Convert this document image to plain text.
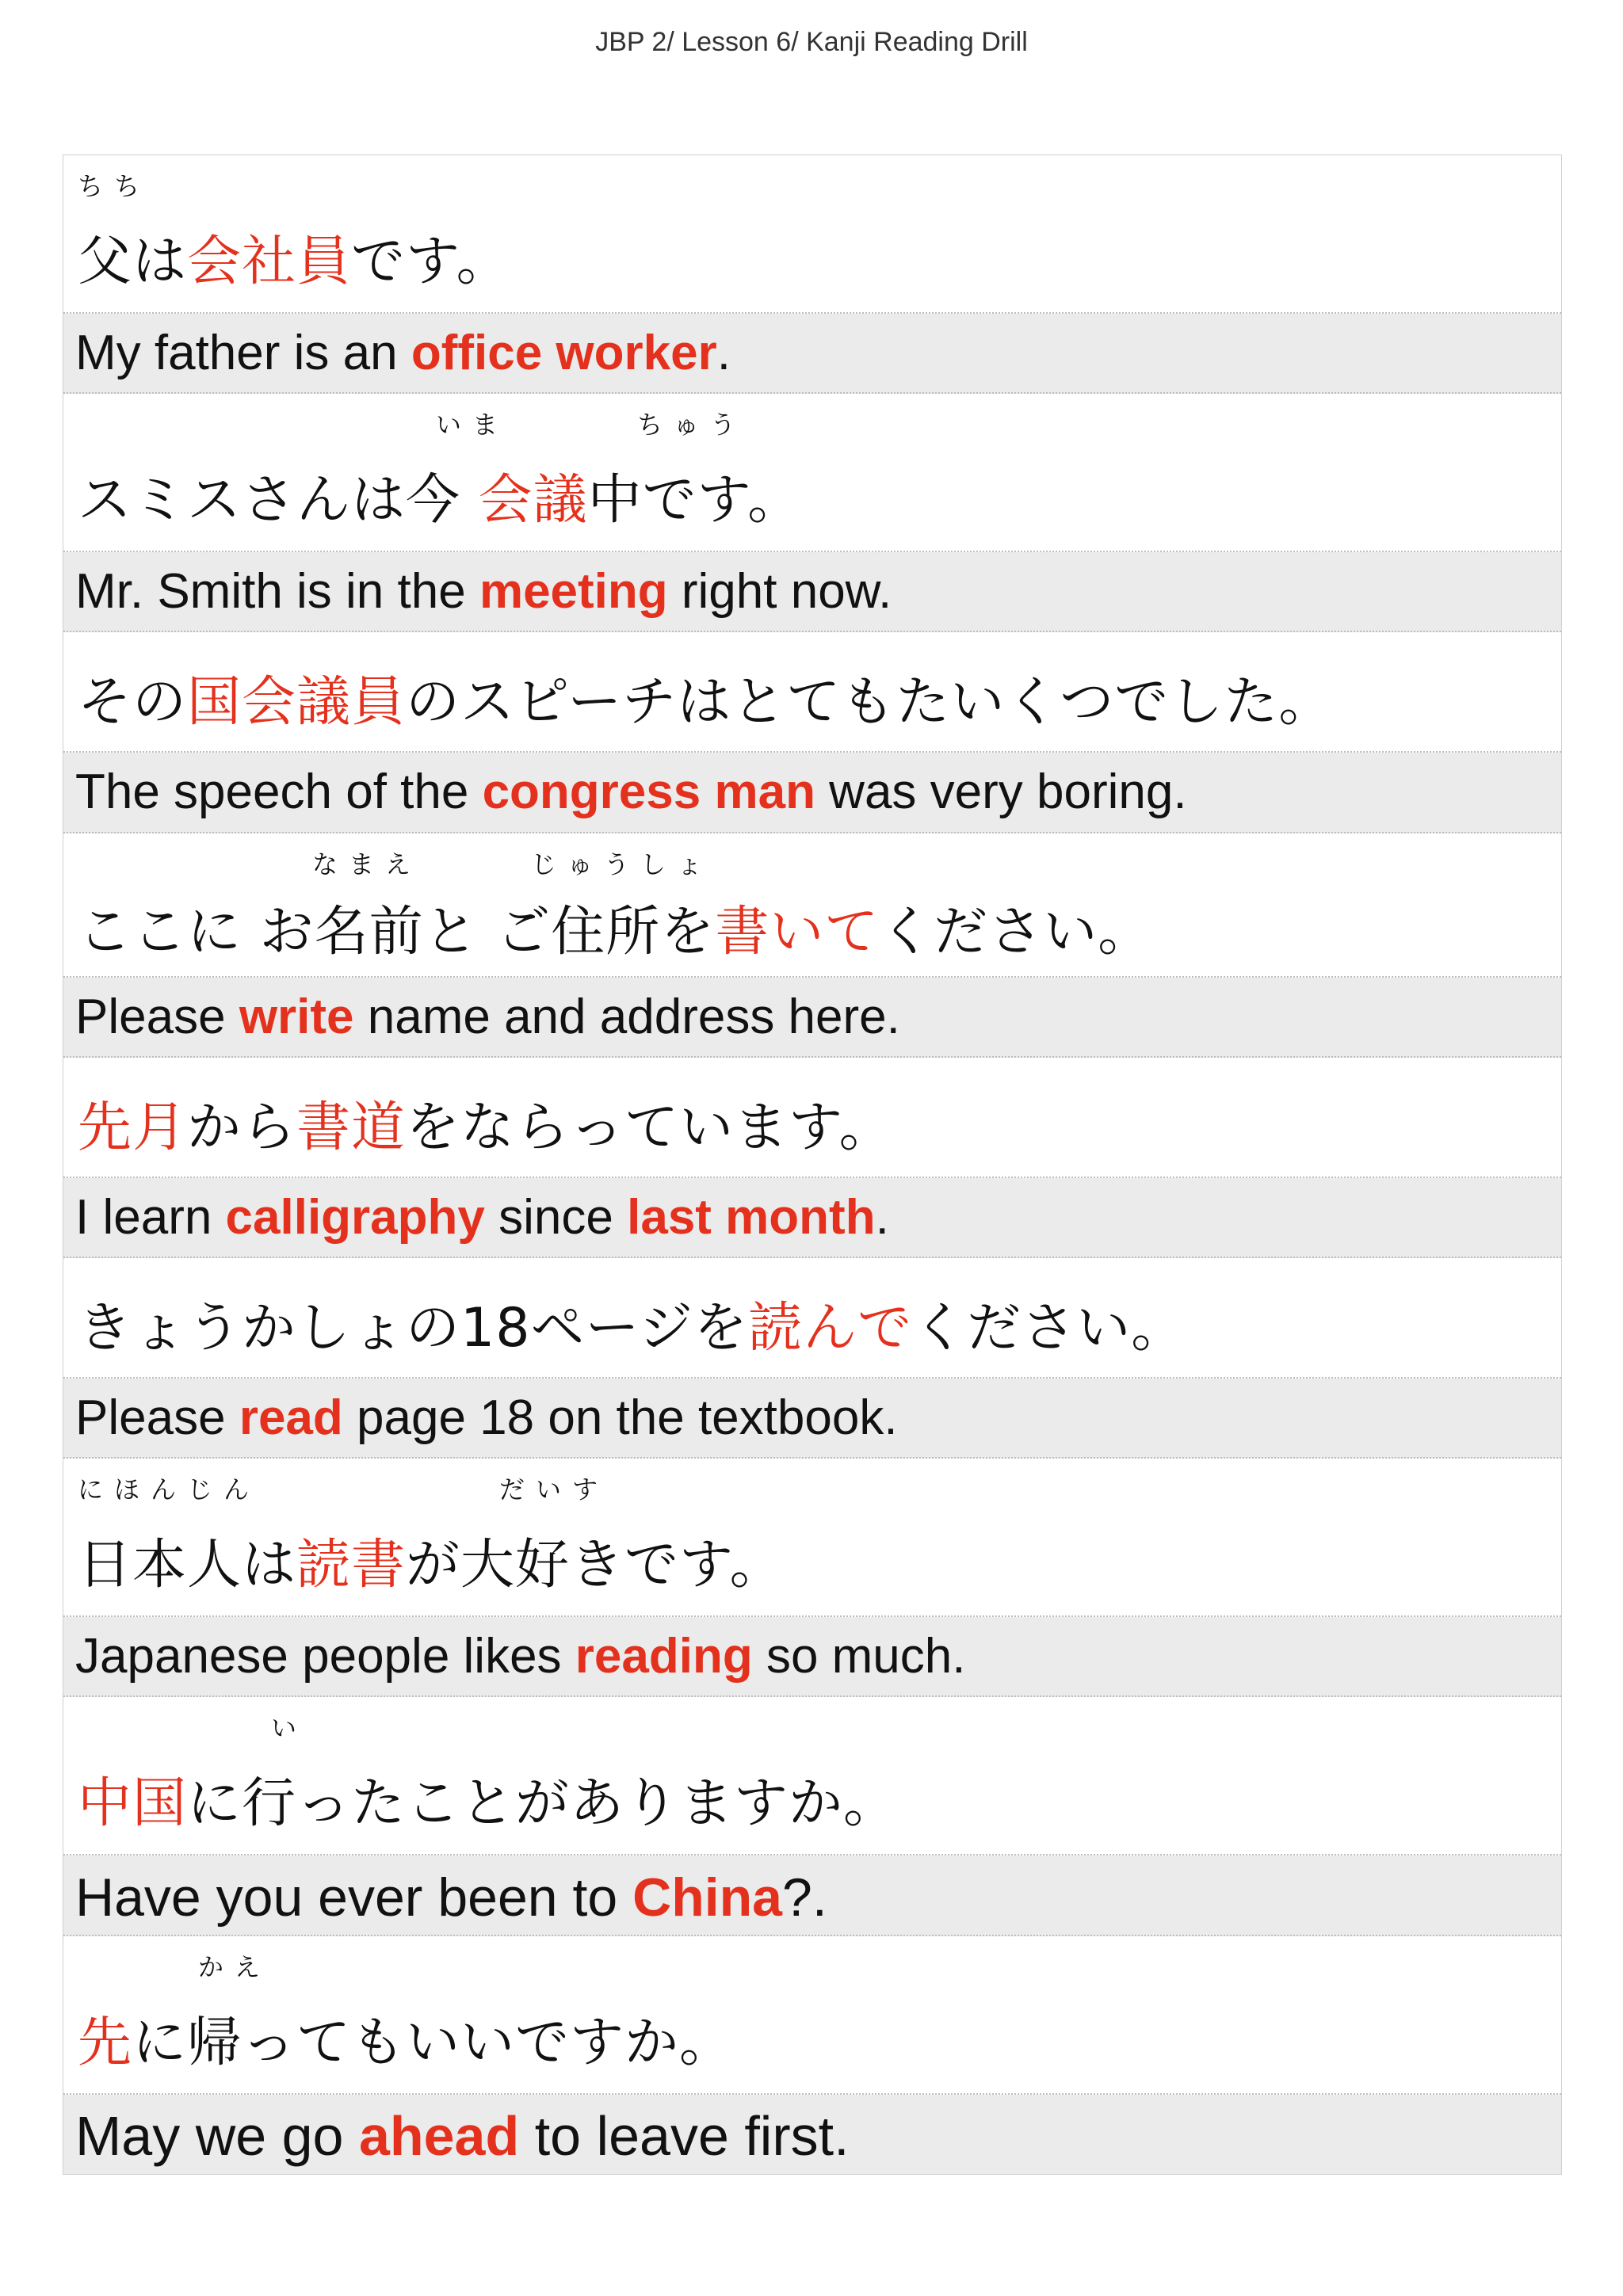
JBP 2/ Lesson 6/ Kanji Reading Drill
ちち
父は会社員です。
My father is an office worker.
いま	ちゅう
スミスさんは今 会議中です。
Mr. Smith is in the meeting right now.
その国会議員のスピーチはとてもたいくつでした。
The speech of the congress man was very boring.
なまえ	じゅうしょ
ここに お名前と ご住所を書いてください。
Please write name and address here.
先月から書道をならっています。
I learn calligraphy since last month.
きょうかしょの18ページを読んでください。
Please read page 18 on the textbook.
にほんじん	だいす
日本人は読書が大好きです。
Japanese people likes reading so much.
い
中国に行ったことがありますか。
Have you ever been to China?.
かえ
先に帰ってもいいですか。
May we go ahead to leave first.
